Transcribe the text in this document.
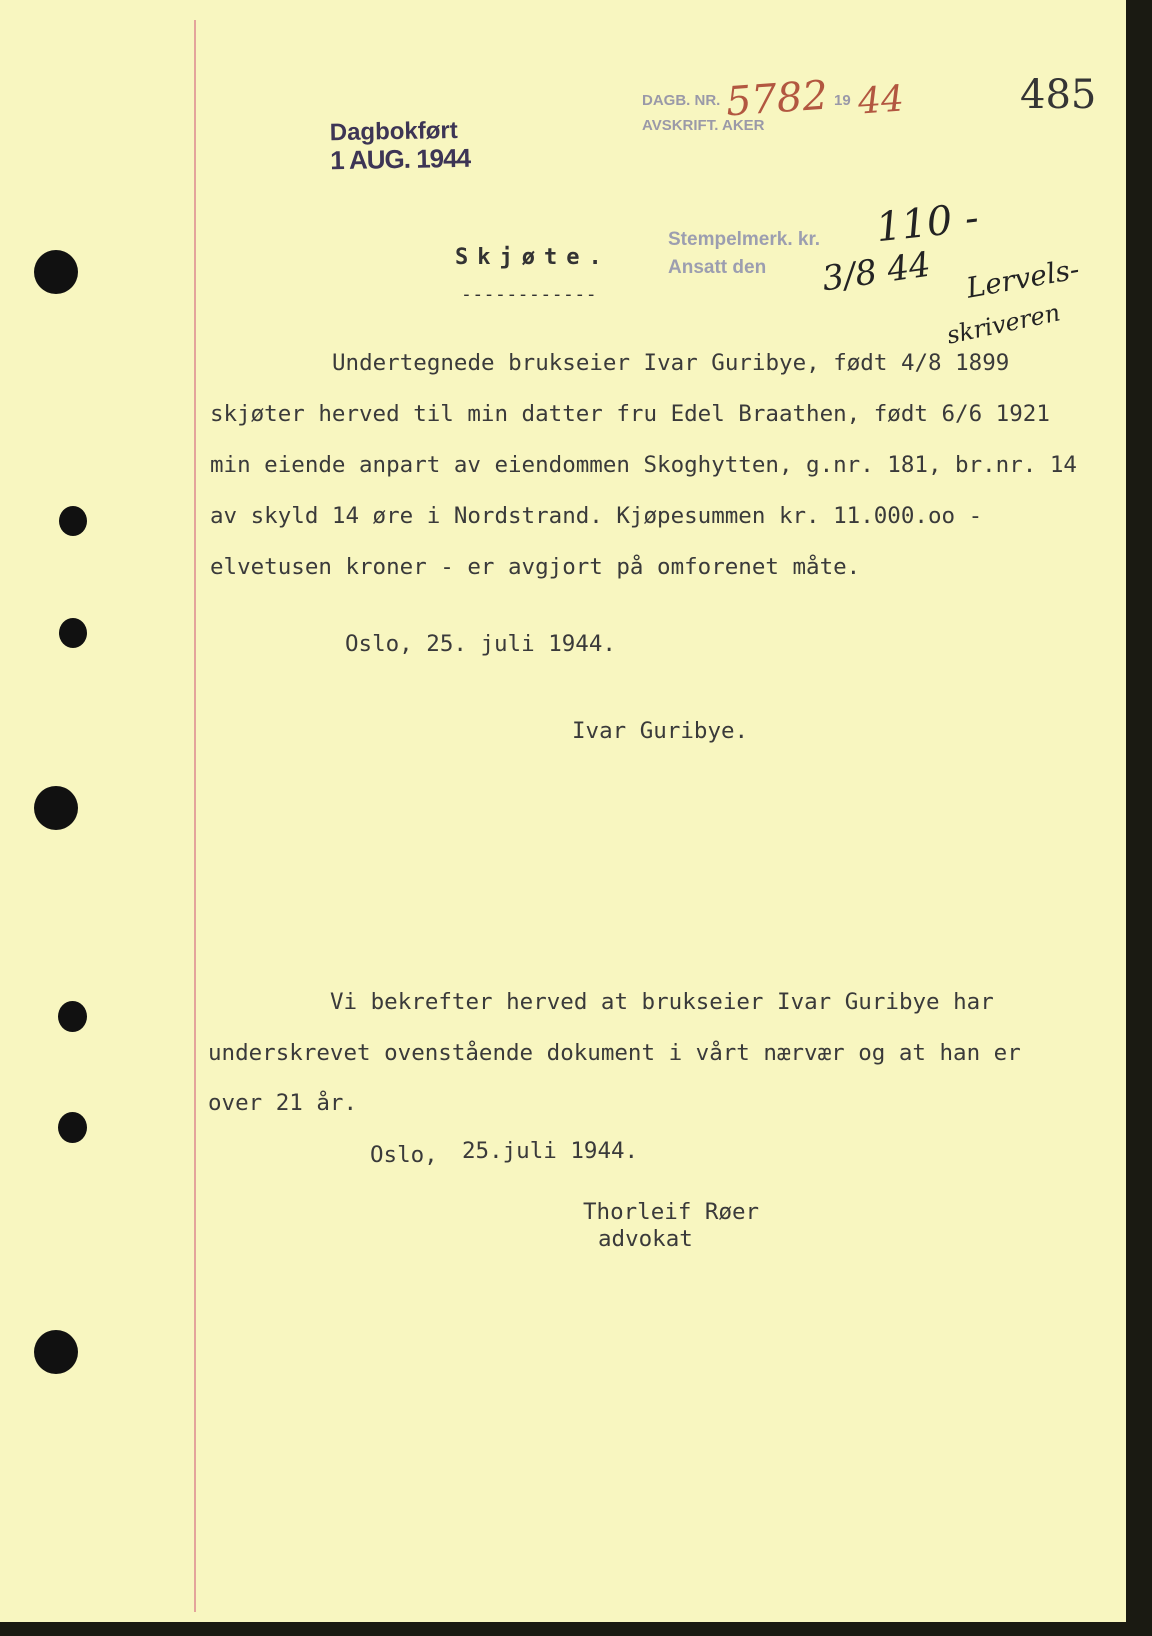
Dagbokført
1 AUG. 1944
DAGB. NR.
AVSKRIFT. AKER
5782 19 44	485
Stempelmerk. kr.
Ansatt den
110 -
3/8 44 Lervels-
skriveren
Skjøte.
------------
Undertegnede brukseier Ivar Guribye, født 4/8 1899
skjøter herved til min datter fru Edel Braathen, født 6/6 1921
min eiende anpart av eiendommen Skoghytten, g.nr. 181, br.nr. 14
av skyld 14 øre i Nordstrand. Kjøpesummen kr. 11.000.oo -
elvetusen kroner - er avgjort på omforenet måte.
Oslo, 25. juli 1944.
Ivar Guribye.
Vi bekrefter herved at brukseier Ivar Guribye har
underskrevet ovenstående dokument i vårt nærvær og at han er
over 21 år.
Oslo, 25.juli 1944.
Thorleif Røer
advokat
